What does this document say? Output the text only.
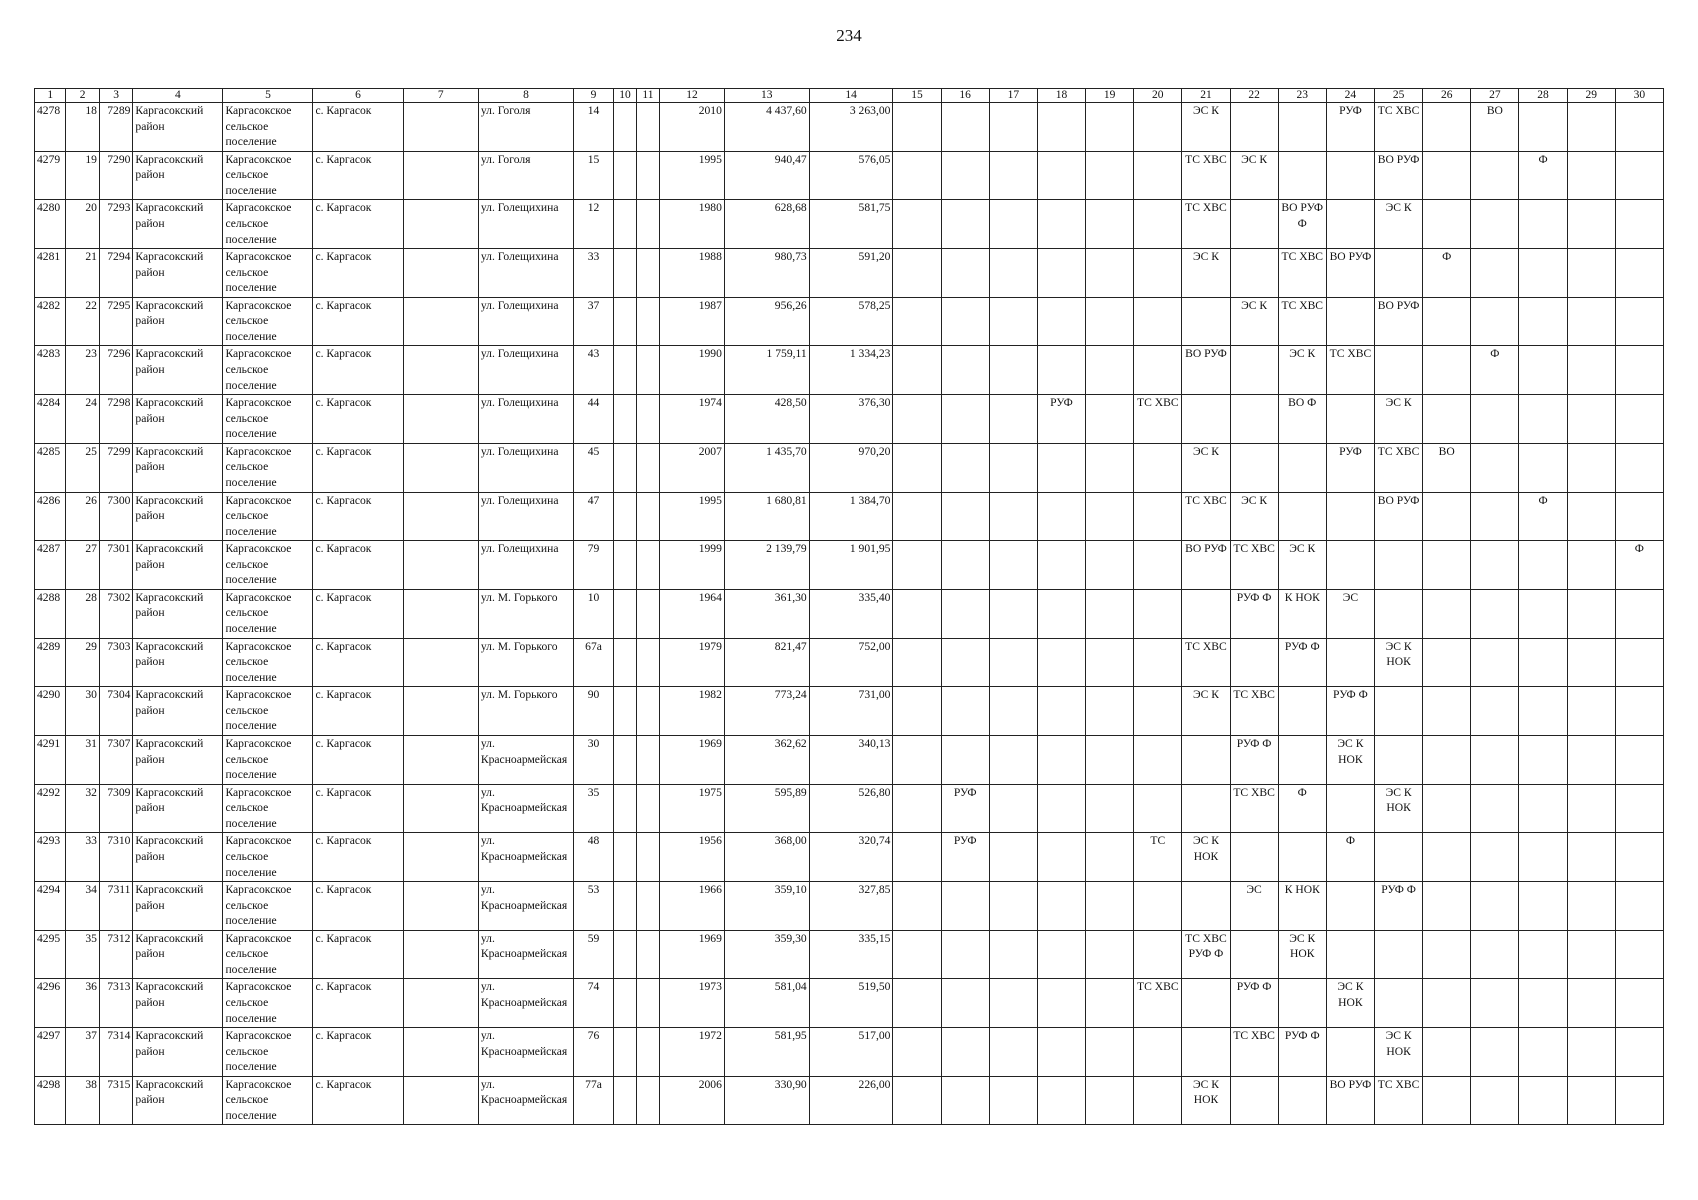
234
1	2	3	4	5	6	7	8	9	10	11	12	13	14	15	16	17	18	19	20	21	22	23	24	25	26	27	28	29	30
4278	18	7289	Каргасокский район	Каргасокское сельское поселение	с. Каргасок		ул. Гоголя	14			2010	4 437,60	3 263,00							ЭС К			РУФ	ТС ХВС		ВО			
4279	19	7290	Каргасокский район	Каргасокское сельское поселение	с. Каргасок		ул. Гоголя	15			1995	940,47	576,05							ТС ХВС	ЭС К			ВО РУФ			Ф		
4280	20	7293	Каргасокский район	Каргасокское сельское поселение	с. Каргасок		ул. Голещихина	12			1980	628,68	581,75							ТС ХВС		ВО РУФ Ф		ЭС К					
4281	21	7294	Каргасокский район	Каргасокское сельское поселение	с. Каргасок		ул. Голещихина	33			1988	980,73	591,20							ЭС К		ТС ХВС	ВО РУФ		Ф				
4282	22	7295	Каргасокский район	Каргасокское сельское поселение	с. Каргасок		ул. Голещихина	37			1987	956,26	578,25								ЭС К	ТС ХВС		ВО РУФ					
4283	23	7296	Каргасокский район	Каргасокское сельское поселение	с. Каргасок		ул. Голещихина	43			1990	1 759,11	1 334,23							ВО РУФ		ЭС К	ТС ХВС			Ф			
4284	24	7298	Каргасокский район	Каргасокское сельское поселение	с. Каргасок		ул. Голещихина	44			1974	428,50	376,30				РУФ		ТС ХВС			ВО Ф		ЭС К					
4285	25	7299	Каргасокский район	Каргасокское сельское поселение	с. Каргасок		ул. Голещихина	45			2007	1 435,70	970,20							ЭС К			РУФ	ТС ХВС	ВО				
4286	26	7300	Каргасокский район	Каргасокское сельское поселение	с. Каргасок		ул. Голещихина	47			1995	1 680,81	1 384,70							ТС ХВС	ЭС К			ВО РУФ			Ф		
4287	27	7301	Каргасокский район	Каргасокское сельское поселение	с. Каргасок		ул. Голещихина	79			1999	2 139,79	1 901,95							ВО РУФ	ТС ХВС	ЭС К							Ф
4288	28	7302	Каргасокский район	Каргасокское сельское поселение	с. Каргасок		ул. М. Горького	10			1964	361,30	335,40								РУФ Ф	К НОК	ЭС						
4289	29	7303	Каргасокский район	Каргасокское сельское поселение	с. Каргасок		ул. М. Горького	67а			1979	821,47	752,00							ТС ХВС		РУФ Ф		ЭС К НОК					
4290	30	7304	Каргасокский район	Каргасокское сельское поселение	с. Каргасок		ул. М. Горького	90			1982	773,24	731,00							ЭС К	ТС ХВС		РУФ Ф						
4291	31	7307	Каргасокский район	Каргасокское сельское поселение	с. Каргасок		ул. Красноармейская	30			1969	362,62	340,13								РУФ Ф		ЭС К НОК						
4292	32	7309	Каргасокский район	Каргасокское сельское поселение	с. Каргасок		ул. Красноармейская	35			1975	595,89	526,80		РУФ						ТС ХВС	Ф		ЭС К НОК					
4293	33	7310	Каргасокский район	Каргасокское сельское поселение	с. Каргасок		ул. Красноармейская	48			1956	368,00	320,74		РУФ				ТС	ЭС К НОК			Ф						
4294	34	7311	Каргасокский район	Каргасокское сельское поселение	с. Каргасок		ул. Красноармейская	53			1966	359,10	327,85								ЭС	К НОК		РУФ Ф					
4295	35	7312	Каргасокский район	Каргасокское сельское поселение	с. Каргасок		ул. Красноармейская	59			1969	359,30	335,15							ТС ХВС РУФ Ф		ЭС К НОК							
4296	36	7313	Каргасокский район	Каргасокское сельское поселение	с. Каргасок		ул. Красноармейская	74			1973	581,04	519,50						ТС ХВС		РУФ Ф		ЭС К НОК						
4297	37	7314	Каргасокский район	Каргасокское сельское поселение	с. Каргасок		ул. Красноармейская	76			1972	581,95	517,00								ТС ХВС	РУФ Ф		ЭС К НОК					
4298	38	7315	Каргасокский район	Каргасокское сельское поселение	с. Каргасок		ул. Красноармейская	77а			2006	330,90	226,00							ЭС К НОК			ВО РУФ	ТС ХВС					
